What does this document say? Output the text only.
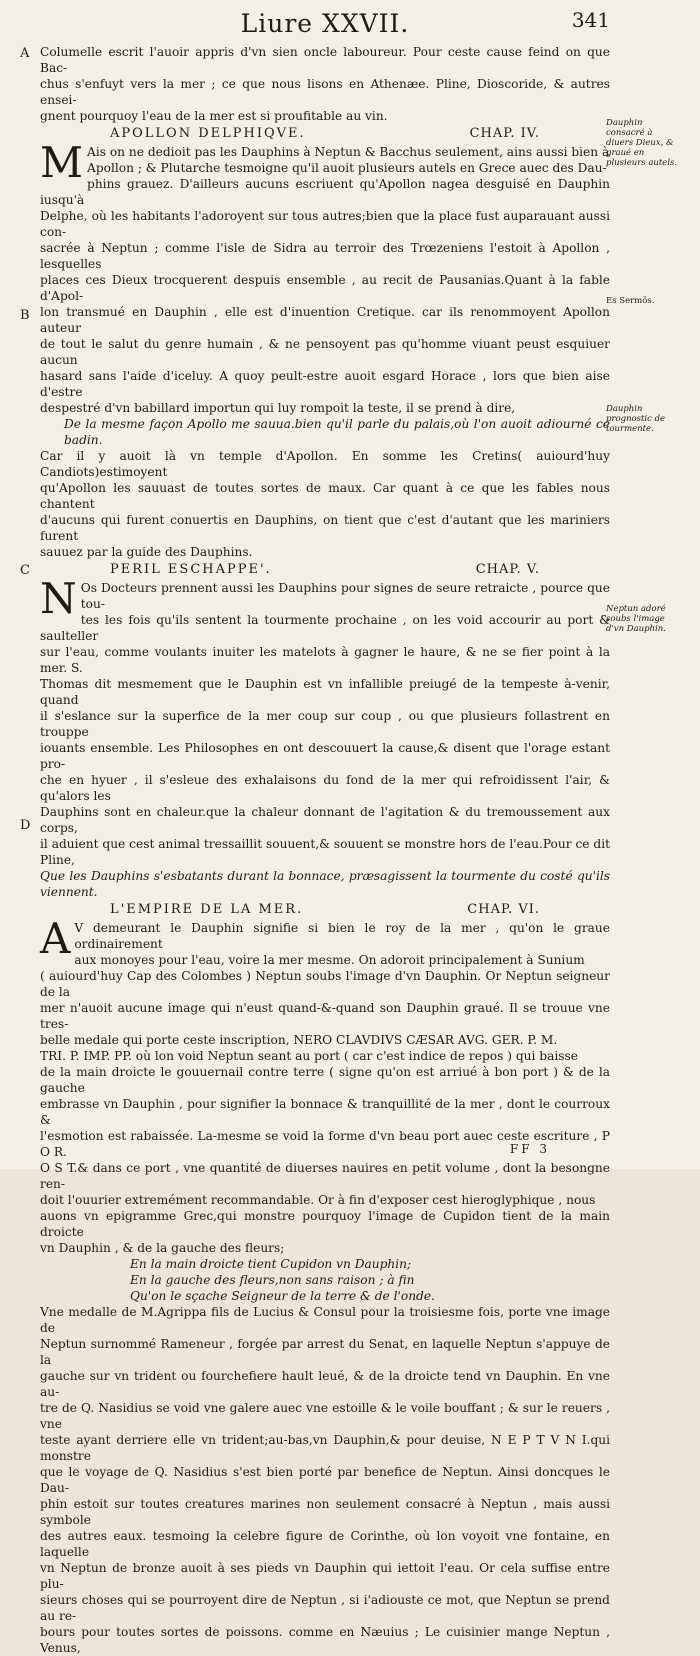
Liure XXVII.	341
A
B
C
D
Dauphin consacré à diuers Dieux, & graué en plusieurs autels.
Es Sermōs.
Dauphin prognostic de tourmente.
Neptun adoré soubs l'image d'vn Dauphin.

Columelle escrit l'auoir appris d'vn sien oncle laboureur. Pour ceste cause feind on que Bac-

chus s'enfuyt vers la mer ; ce que nous lisons en Athenæe. Pline, Dioscoride, & autres ensei-

gnent pourquoy l'eau de la mer est si proufitable au vin.

APOLLON DELPHIQVE.	CHAP. IV.
M Ais on ne dedioit pas les Dauphins à Neptun & Bacchus seulement, ains aussi bien à

Apollon ; & Plutarche tesmoigne qu'il auoit plusieurs autels en Grece auec des Dau-

phins grauez. D'ailleurs aucuns escriuent qu'Apollon nagea desguisé en Dauphin iusqu'à

Delphe, où les habitants l'adoroyent sur tous autres;bien que la place fust auparauant aussi con-

sacrée à Neptun ; comme l'isle de Sidra au terroir des Trœzeniens l'estoit à Apollon , lesquelles

places ces Dieux trocquerent despuis ensemble , au recit de Pausanias.Quant à la fable d'Apol-

lon transmué en Dauphin , elle est d'inuention Cretique. car ils renommoyent Apollon auteur

de tout le salut du genre humain , & ne pensoyent pas qu'homme viuant peust esquiuer aucun

hasard sans l'aide d'iceluy. A quoy peult-estre auoit esgard Horace , lors que bien aise d'estre

despestré d'vn babillard importun qui luy rompoit la teste, il se prend à dire,

De la mesme façon Apollo me sauua.bien qu'il parle du palais,où l'on auoit adiourné ce badin.

Car il y auoit là vn temple d'Apollon. En somme les Cretins( auiourd'huy Candiots)estimoyent

qu'Apollon les sauuast de toutes sortes de maux. Car quant à ce que les fables nous chantent

d'aucuns qui furent conuertis en Dauphins, on tient que c'est d'autant que les mariniers furent

sauuez par la guide des Dauphins.

PERIL ESCHAPPE'.	CHAP. V.
N Os Docteurs prennent aussi les Dauphins pour signes de seure retraicte , pource que tou-

tes les fois qu'ils sentent la tourmente prochaine , on les void accourir au port & saulteller

sur l'eau, comme voulants inuiter les matelots à gagner le haure, & ne se fier point à la mer. S.

Thomas dit mesmement que le Dauphin est vn infallible preiugé de la tempeste à-venir, quand

il s'eslance sur la superfice de la mer coup sur coup , ou que plusieurs follastrent en trouppe

iouants ensemble. Les Philosophes en ont descouuert la cause,& disent que l'orage estant pro-

che en hyuer , il s'esleue des exhalaisons du fond de la mer qui refroidissent l'air, & qu'alors les

Dauphins sont en chaleur.que la chaleur donnant de l'agitation & du tremoussement aux corps,

il aduient que cest animal tressaillit souuent,& souuent se monstre hors de l'eau.Pour ce dit Pline,

Que les Dauphins s'esbatants durant la bonnace, præsagissent la tourmente du costé qu'ils viennent.

L'EMPIRE DE LA MER.	CHAP. VI.
A V demeurant le Dauphin signifie si bien le roy de la mer , qu'on le graue ordinairement

aux monoyes pour l'eau, voire la mer mesme. On adoroit principalement à Sunium

( auiourd'huy Cap des Colombes ) Neptun soubs l'image d'vn Dauphin. Or Neptun seigneur de la

mer n'auoit aucune image qui n'eust quand-&-quand son Dauphin graué. Il se trouue vne tres-

belle medale qui porte ceste inscription, NERO CLAVDIVS CÆSAR AVG. GER. P. M.

TRI. P. IMP. PP. où lon void Neptun seant au port ( car c'est indice de repos ) qui baisse

de la main droicte le gouuernail contre terre ( signe qu'on est arriué à bon port ) & de la gauche

embrasse vn Dauphin , pour signifier la bonnace & tranquillité de la mer , dont le courroux &

l'esmotion est rabaissée. La-mesme se void la forme d'vn beau port auec ceste escriture , P O R.

O S T.& dans ce port , vne quantité de diuerses nauires en petit volume , dont la besongne ren-

doit l'ouurier extremément recommandable. Or à fin d'exposer cest hieroglyphique , nous

auons vn epigramme Grec,qui monstre pourquoy l'image de Cupidon tient de la main droicte

vn Dauphin , & de la gauche des fleurs;

En la main droicte tient Cupidon vn Dauphin;

En la gauche des fleurs,non sans raison ; à fin

Qu'on le sçache Seigneur de la terre & de l'onde.

Vne medalle de M.Agrippa fils de Lucius & Consul pour la troisiesme fois, porte vne image de

Neptun surnommé Rameneur , forgée par arrest du Senat, en laquelle Neptun s'appuye de la

gauche sur vn trident ou fourchefiere hault leué, & de la droicte tend vn Dauphin. En vne au-

tre de Q. Nasidius se void vne galere auec vne estoille & le voile bouffant ; & sur le reuers , vne

teste ayant derriere elle vn trident;au-bas,vn Dauphin,& pour deuise, N E P T V N I.qui monstre

que le voyage de Q. Nasidius s'est bien porté par benefice de Neptun. Ainsi doncques le Dau-

phin estoit sur toutes creatures marines non seulement consacré à Neptun , mais aussi symbole

des autres eaux. tesmoing la celebre figure de Corinthe, où lon voyoit vne fontaine, en laquelle

vn Neptun de bronze auoit à ses pieds vn Dauphin qui iettoit l'eau. Or cela suffise entre plu-

sieurs choses qui se pourroyent dire de Neptun , si i'adiouste ce mot, que Neptun se prend au re-

bours pour toutes sortes de poissons. comme en Næuius ; Le cuisinier mange Neptun , Venus,

FF 3
